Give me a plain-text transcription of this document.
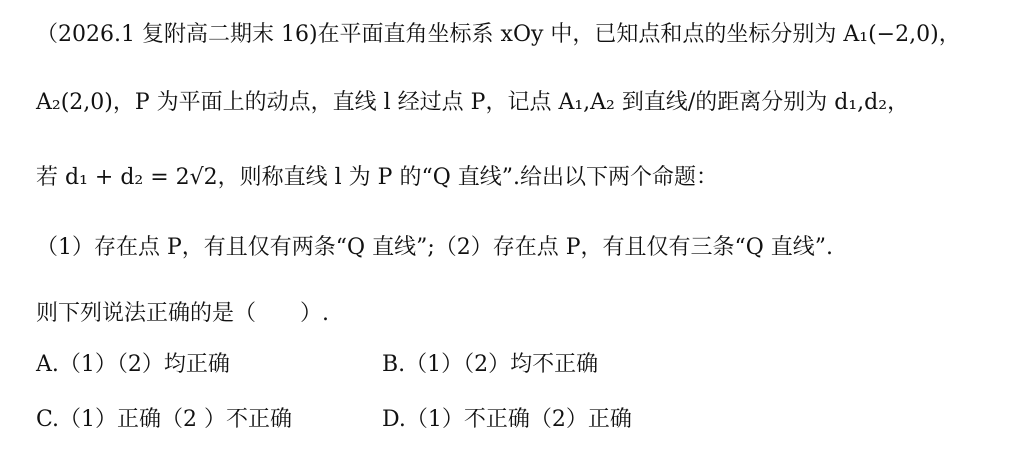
（2026.1 复附高二期末 16)在平面直角坐标系 xOy 中，已知点和点的坐标分别为 A₁(−2,0)，
A₂(2,0)，P 为平面上的动点，直线 l 经过点 P，记点 A₁,A₂ 到直线/的距离分别为 d₁,d₂，
若 d₁ + d₂ = 2√2，则称直线 l 为 P 的“Q 直线”.给出以下两个命题：
（1）存在点 P，有且仅有两条“Q 直线”;（2）存在点 P，有且仅有三条“Q 直线”.
则下列说法正确的是（　　）.
A.（1）（2）均正确	B.（1）（2）均不正确
C.（1）正确（2 ）不正确	D.（1）不正确（2）正确
